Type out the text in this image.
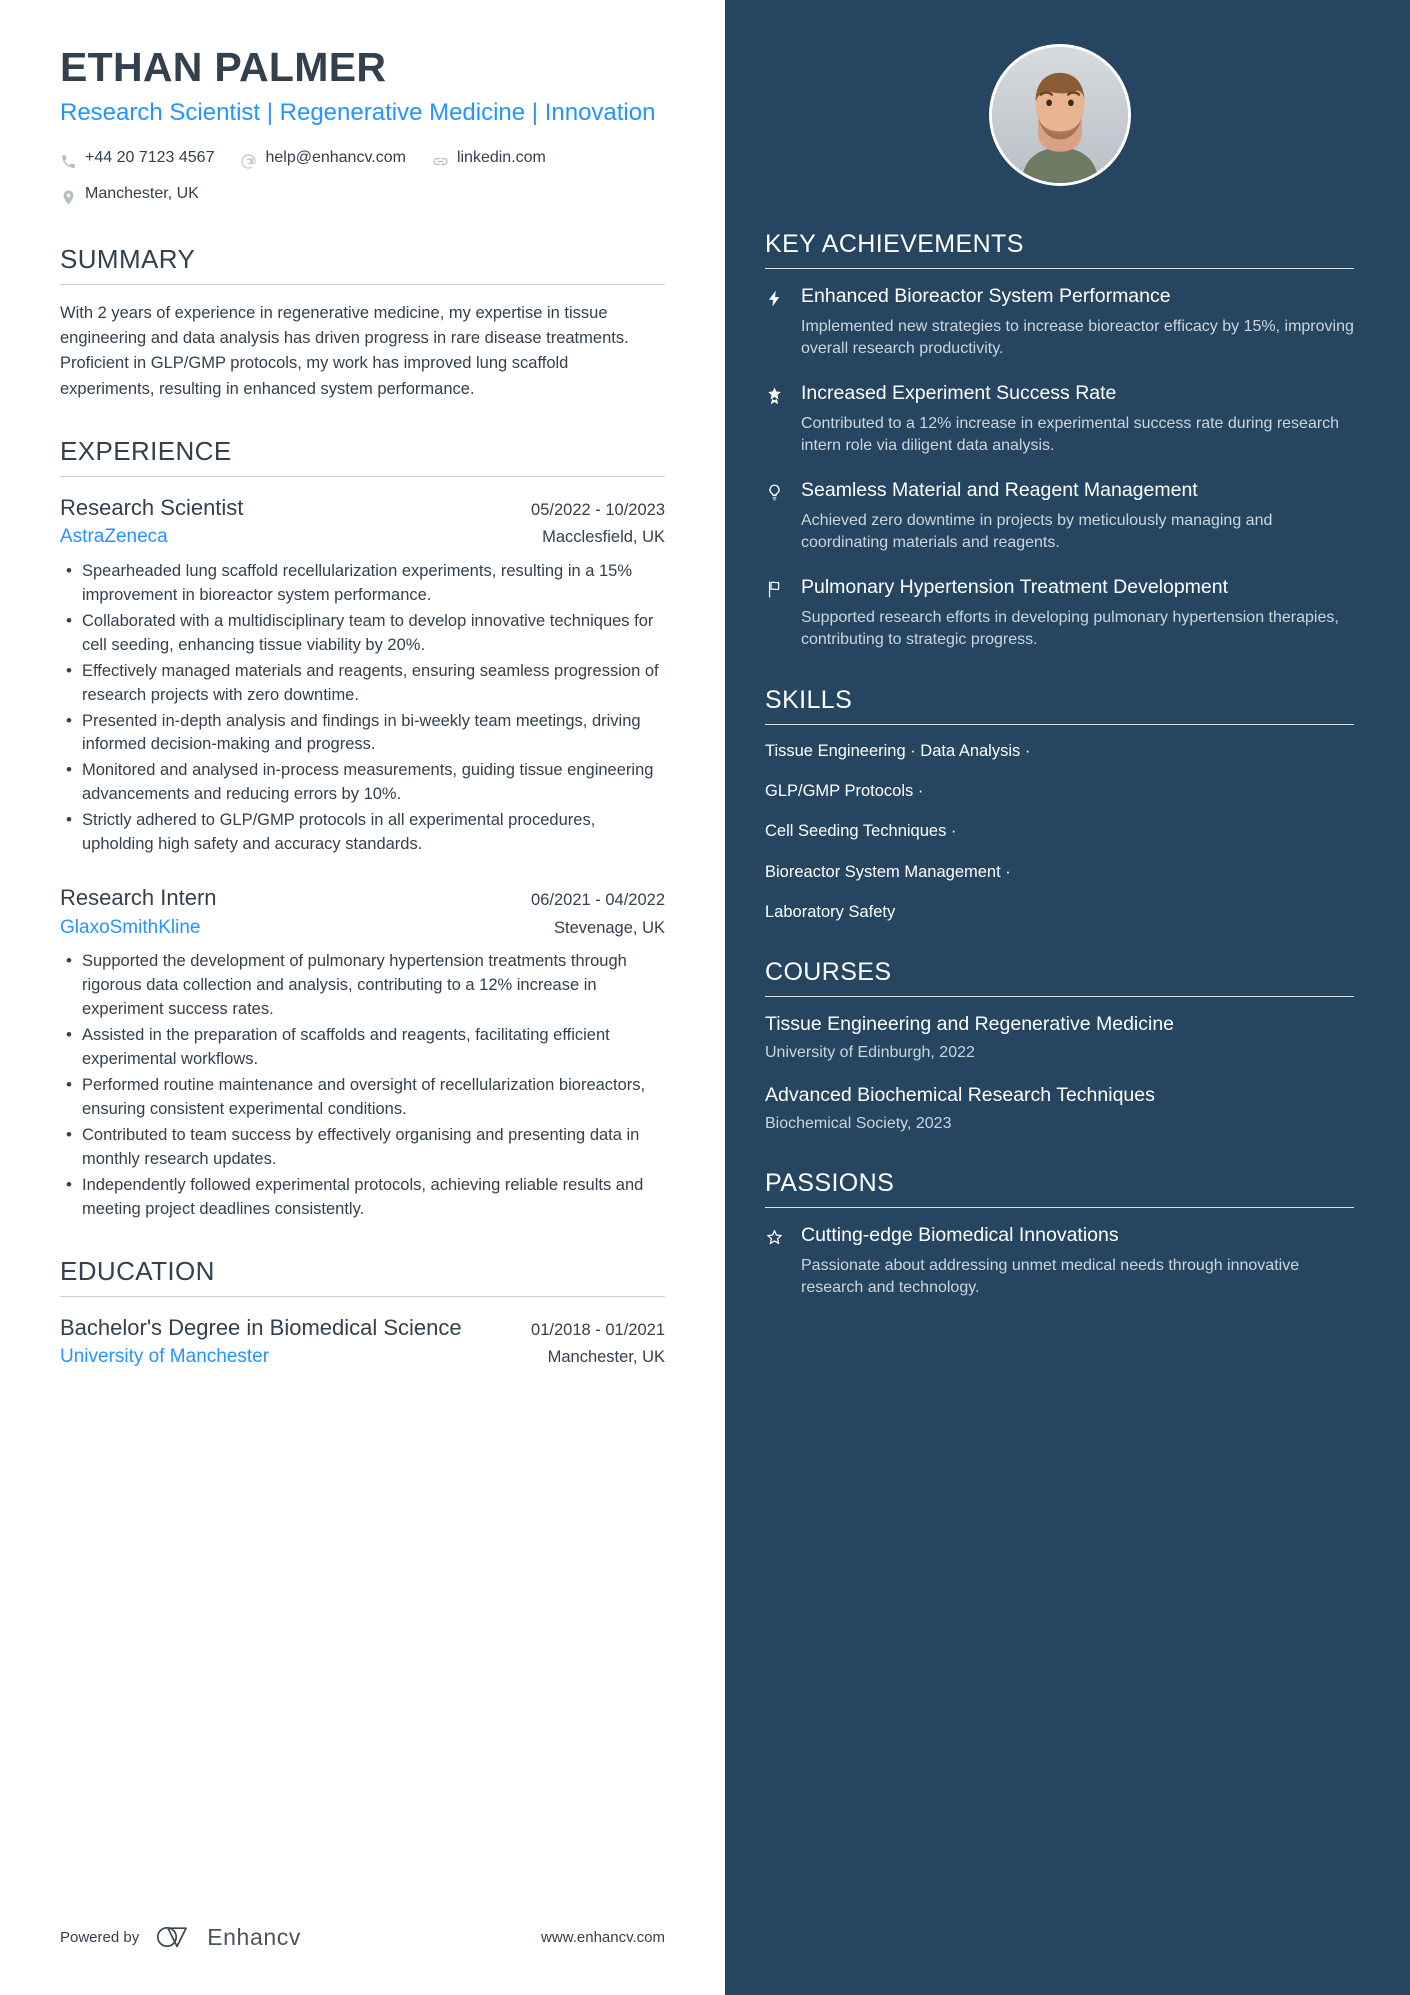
ETHAN PALMER
Research Scientist | Regenerative Medicine | Innovation
+44 20 7123 4567	help@enhancv.com	linkedin.com
Manchester, UK
SUMMARY
With 2 years of experience in regenerative medicine, my expertise in tissue engineering and data analysis has driven progress in rare disease treatments. Proficient in GLP/GMP protocols, my work has improved lung scaffold experiments, resulting in enhanced system performance.
EXPERIENCE
Research Scientist	05/2022 - 10/2023
AstraZeneca	Macclesfield, UK
• Spearheaded lung scaffold recellularization experiments, resulting in a 15% improvement in bioreactor system performance.
• Collaborated with a multidisciplinary team to develop innovative techniques for cell seeding, enhancing tissue viability by 20%.
• Effectively managed materials and reagents, ensuring seamless progression of research projects with zero downtime.
• Presented in-depth analysis and findings in bi-weekly team meetings, driving informed decision-making and progress.
• Monitored and analysed in-process measurements, guiding tissue engineering advancements and reducing errors by 10%.
• Strictly adhered to GLP/GMP protocols in all experimental procedures, upholding high safety and accuracy standards.
Research Intern	06/2021 - 04/2022
GlaxoSmithKline	Stevenage, UK
• Supported the development of pulmonary hypertension treatments through rigorous data collection and analysis, contributing to a 12% increase in experiment success rates.
• Assisted in the preparation of scaffolds and reagents, facilitating efficient experimental workflows.
• Performed routine maintenance and oversight of recellularization bioreactors, ensuring consistent experimental conditions.
• Contributed to team success by effectively organising and presenting data in monthly research updates.
• Independently followed experimental protocols, achieving reliable results and meeting project deadlines consistently.
EDUCATION
Bachelor's Degree in Biomedical Science	01/2018 - 01/2021
University of Manchester	Manchester, UK
Powered by	Enhancv	www.enhancv.com
KEY ACHIEVEMENTS
Enhanced Bioreactor System Performance
Implemented new strategies to increase bioreactor efficacy by 15%, improving overall research productivity.
Increased Experiment Success Rate
Contributed to a 12% increase in experimental success rate during research intern role via diligent data analysis.
Seamless Material and Reagent Management
Achieved zero downtime in projects by meticulously managing and coordinating materials and reagents.
Pulmonary Hypertension Treatment Development
Supported research efforts in developing pulmonary hypertension therapies, contributing to strategic progress.
SKILLS
Tissue Engineering · Data Analysis ·
GLP/GMP Protocols ·
Cell Seeding Techniques ·
Bioreactor System Management ·
Laboratory Safety
COURSES
Tissue Engineering and Regenerative Medicine
University of Edinburgh, 2022
Advanced Biochemical Research Techniques
Biochemical Society, 2023
PASSIONS
Cutting-edge Biomedical Innovations
Passionate about addressing unmet medical needs through innovative research and technology.
